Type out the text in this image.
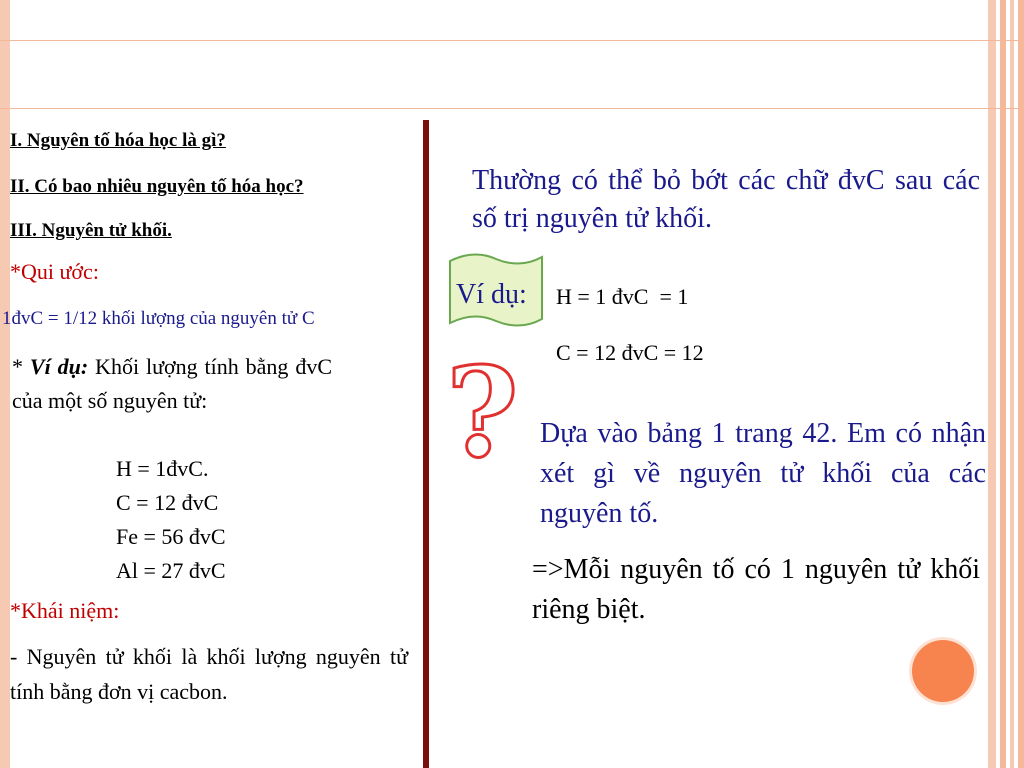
I. Nguyên tố hóa học là gì?
II. Có bao nhiêu nguyên tố hóa học?
III. Nguyên tử khối.
*Qui ước:
1đvC = 1/12 khối lượng của nguyên tử C
* Ví dụ: Khối lượng tính bằng đvC của một số nguyên tử:
H = 1đvC.
C = 12 đvC
Fe = 56 đvC
Al = 27 đvC
*Khái niệm:
- Nguyên tử khối là khối lượng nguyên tử tính bằng đơn vị cacbon.
Thường có thể bỏ bớt các chữ đvC sau các số trị nguyên tử khối.
Ví dụ: H = 1 đvC  = 1
C = 12 đvC = 12
? Dựa vào bảng 1 trang 42. Em có nhận xét gì về nguyên tử khối của các nguyên tố.
=>Mỗi nguyên tố có 1 nguyên tử khối riêng biệt.
